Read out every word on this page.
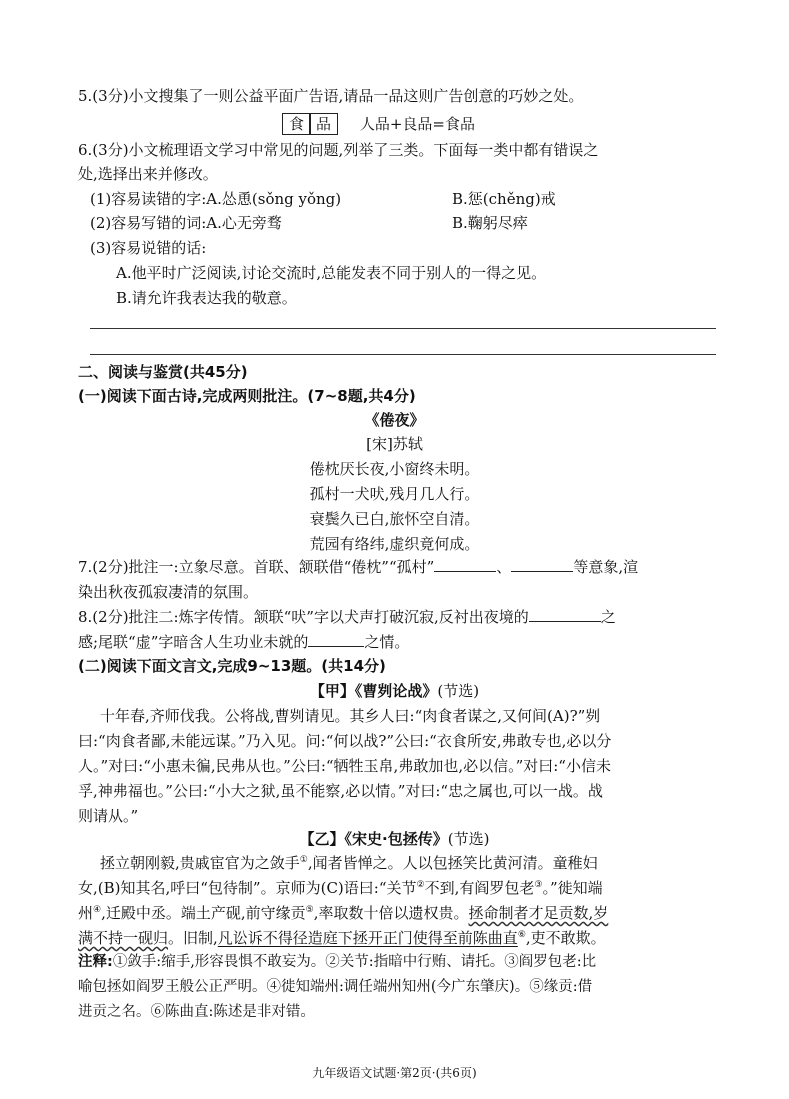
5.(3分)小文搜集了一则公益平面广告语,请品一品这则广告创意的巧妙之处。
食 品 人品+良品=食品
6.(3分)小文梳理语文学习中常见的问题,列举了三类。下面每一类中都有错误之
处,选择出来并修改。
(1)容易读错的字:A.怂恿(sǒng yǒng)	B.惩(chěng)戒
(2)容易写错的词:A.心无旁骛	B.鞠躬尽瘁
(3)容易说错的话:
A.他平时广泛阅读,讨论交流时,总能发表不同于别人的一得之见。
B.请允许我表达我的敬意。
二、阅读与鉴赏(共45分)
(一)阅读下面古诗,完成两则批注。(7~8题,共4分)
《倦夜》
[宋]苏轼
倦枕厌长夜,小窗终未明。
孤村一犬吠,残月几人行。
衰鬓久已白,旅怀空自清。
荒园有络纬,虚织竟何成。
7.(2分)批注一:立象尽意。首联、颔联借“倦枕”“孤村”	、	等意象,渲
染出秋夜孤寂凄清的氛围。
8.(2分)批注二:炼字传情。颔联“吠”字以犬声打破沉寂,反衬出夜境的	之
感;尾联“虚”字暗含人生功业未就的	之情。
(二)阅读下面文言文,完成9~13题。(共14分)
【甲】《曹刿论战》(节选)
十年春,齐师伐我。公将战,曹刿请见。其乡人曰:“肉食者谋之,又何间(A)?”刿
曰:“肉食者鄙,未能远谋。”乃入见。问:“何以战?”公曰:“衣食所安,弗敢专也,必以分
人。”对曰:“小惠未徧,民弗从也。”公曰:“牺牲玉帛,弗敢加也,必以信。”对曰:“小信未
孚,神弗福也。”公曰:“小大之狱,虽不能察,必以情。”对曰:“忠之属也,可以一战。战
则请从。”
【乙】《宋史·包拯传》(节选)
拯立朝刚毅,贵戚宦官为之敛手①,闻者皆惮之。人以包拯笑比黄河清。童稚妇
女,(B)知其名,呼曰“包待制”。京师为(C)语曰:“关节②不到,有阎罗包老③。”徙知端
州④,迁殿中丞。端土产砚,前守缘贡⑤,率取数十倍以遗权贵。拯命制者才足贡数,岁
满不持一砚归。旧制,凡讼诉不得径造庭下拯开正门使得至前陈曲直⑥,吏不敢欺。
注释:①敛手:缩手,形容畏惧不敢妄为。②关节:指暗中行贿、请托。③阎罗包老:比
喻包拯如阎罗王般公正严明。④徙知端州:调任端州知州(今广东肇庆)。⑤缘贡:借
进贡之名。⑥陈曲直:陈述是非对错。
九年级语文试题·第2页·(共6页)
